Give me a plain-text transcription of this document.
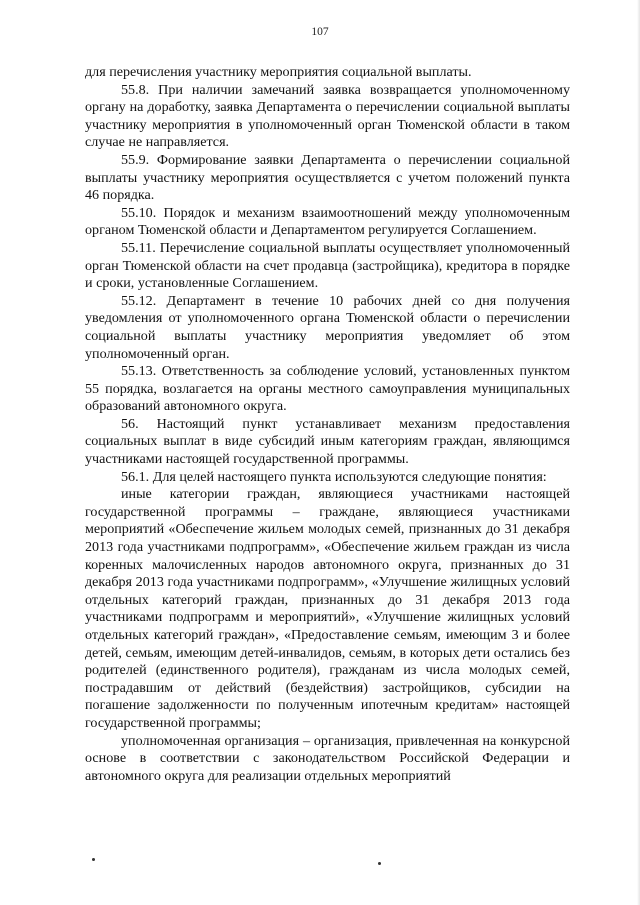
107

для перечисления участнику мероприятия социальной выплаты.

55.8. При наличии замечаний заявка возвращается уполномоченному органу на доработку, заявка Департамента о перечислении социальной выплаты участнику мероприятия в уполномоченный орган Тюменской области в таком случае не направляется.

55.9. Формирование заявки Департамента о перечислении социальной выплаты участнику мероприятия осуществляется с учетом положений пункта 46 порядка.

55.10. Порядок и механизм взаимоотношений между уполномоченным органом Тюменской области и Департаментом регулируется Соглашением.

55.11. Перечисление социальной выплаты осуществляет уполномоченный орган Тюменской области на счет продавца (застройщика), кредитора в порядке и сроки, установленные Соглашением.

55.12. Департамент в течение 10 рабочих дней со дня получения уведомления от уполномоченного органа Тюменской области о перечислении социальной выплаты участнику мероприятия уведомляет об этом уполномоченный орган.

55.13. Ответственность за соблюдение условий, установленных пунктом 55 порядка, возлагается на органы местного самоуправления муниципальных образований автономного округа.

56. Настоящий пункт устанавливает механизм предоставления социальных выплат в виде субсидий иным категориям граждан, являющимся участниками настоящей государственной программы.

56.1. Для целей настоящего пункта используются следующие понятия:

иные категории граждан, являющиеся участниками настоящей государственной программы – граждане, являющиеся участниками мероприятий «Обеспечение жильем молодых семей, признанных до 31 декабря 2013 года участниками подпрограмм», «Обеспечение жильем граждан из числа коренных малочисленных народов автономного округа, признанных до 31 декабря 2013 года участниками подпрограмм», «Улучшение жилищных условий отдельных категорий граждан, признанных до 31 декабря 2013 года участниками подпрограмм и мероприятий», «Улучшение жилищных условий отдельных категорий граждан», «Предоставление семьям, имеющим 3 и более детей, семьям, имеющим детей-инвалидов, семьям, в которых дети остались без родителей (единственного родителя), гражданам из числа молодых семей, пострадавшим от действий (бездействия) застройщиков, субсидии на погашение задолженности по полученным ипотечным кредитам» настоящей государственной программы;

уполномоченная организация – организация, привлеченная на конкурсной основе в соответствии с законодательством Российской Федерации и автономного округа для реализации отдельных мероприятий
